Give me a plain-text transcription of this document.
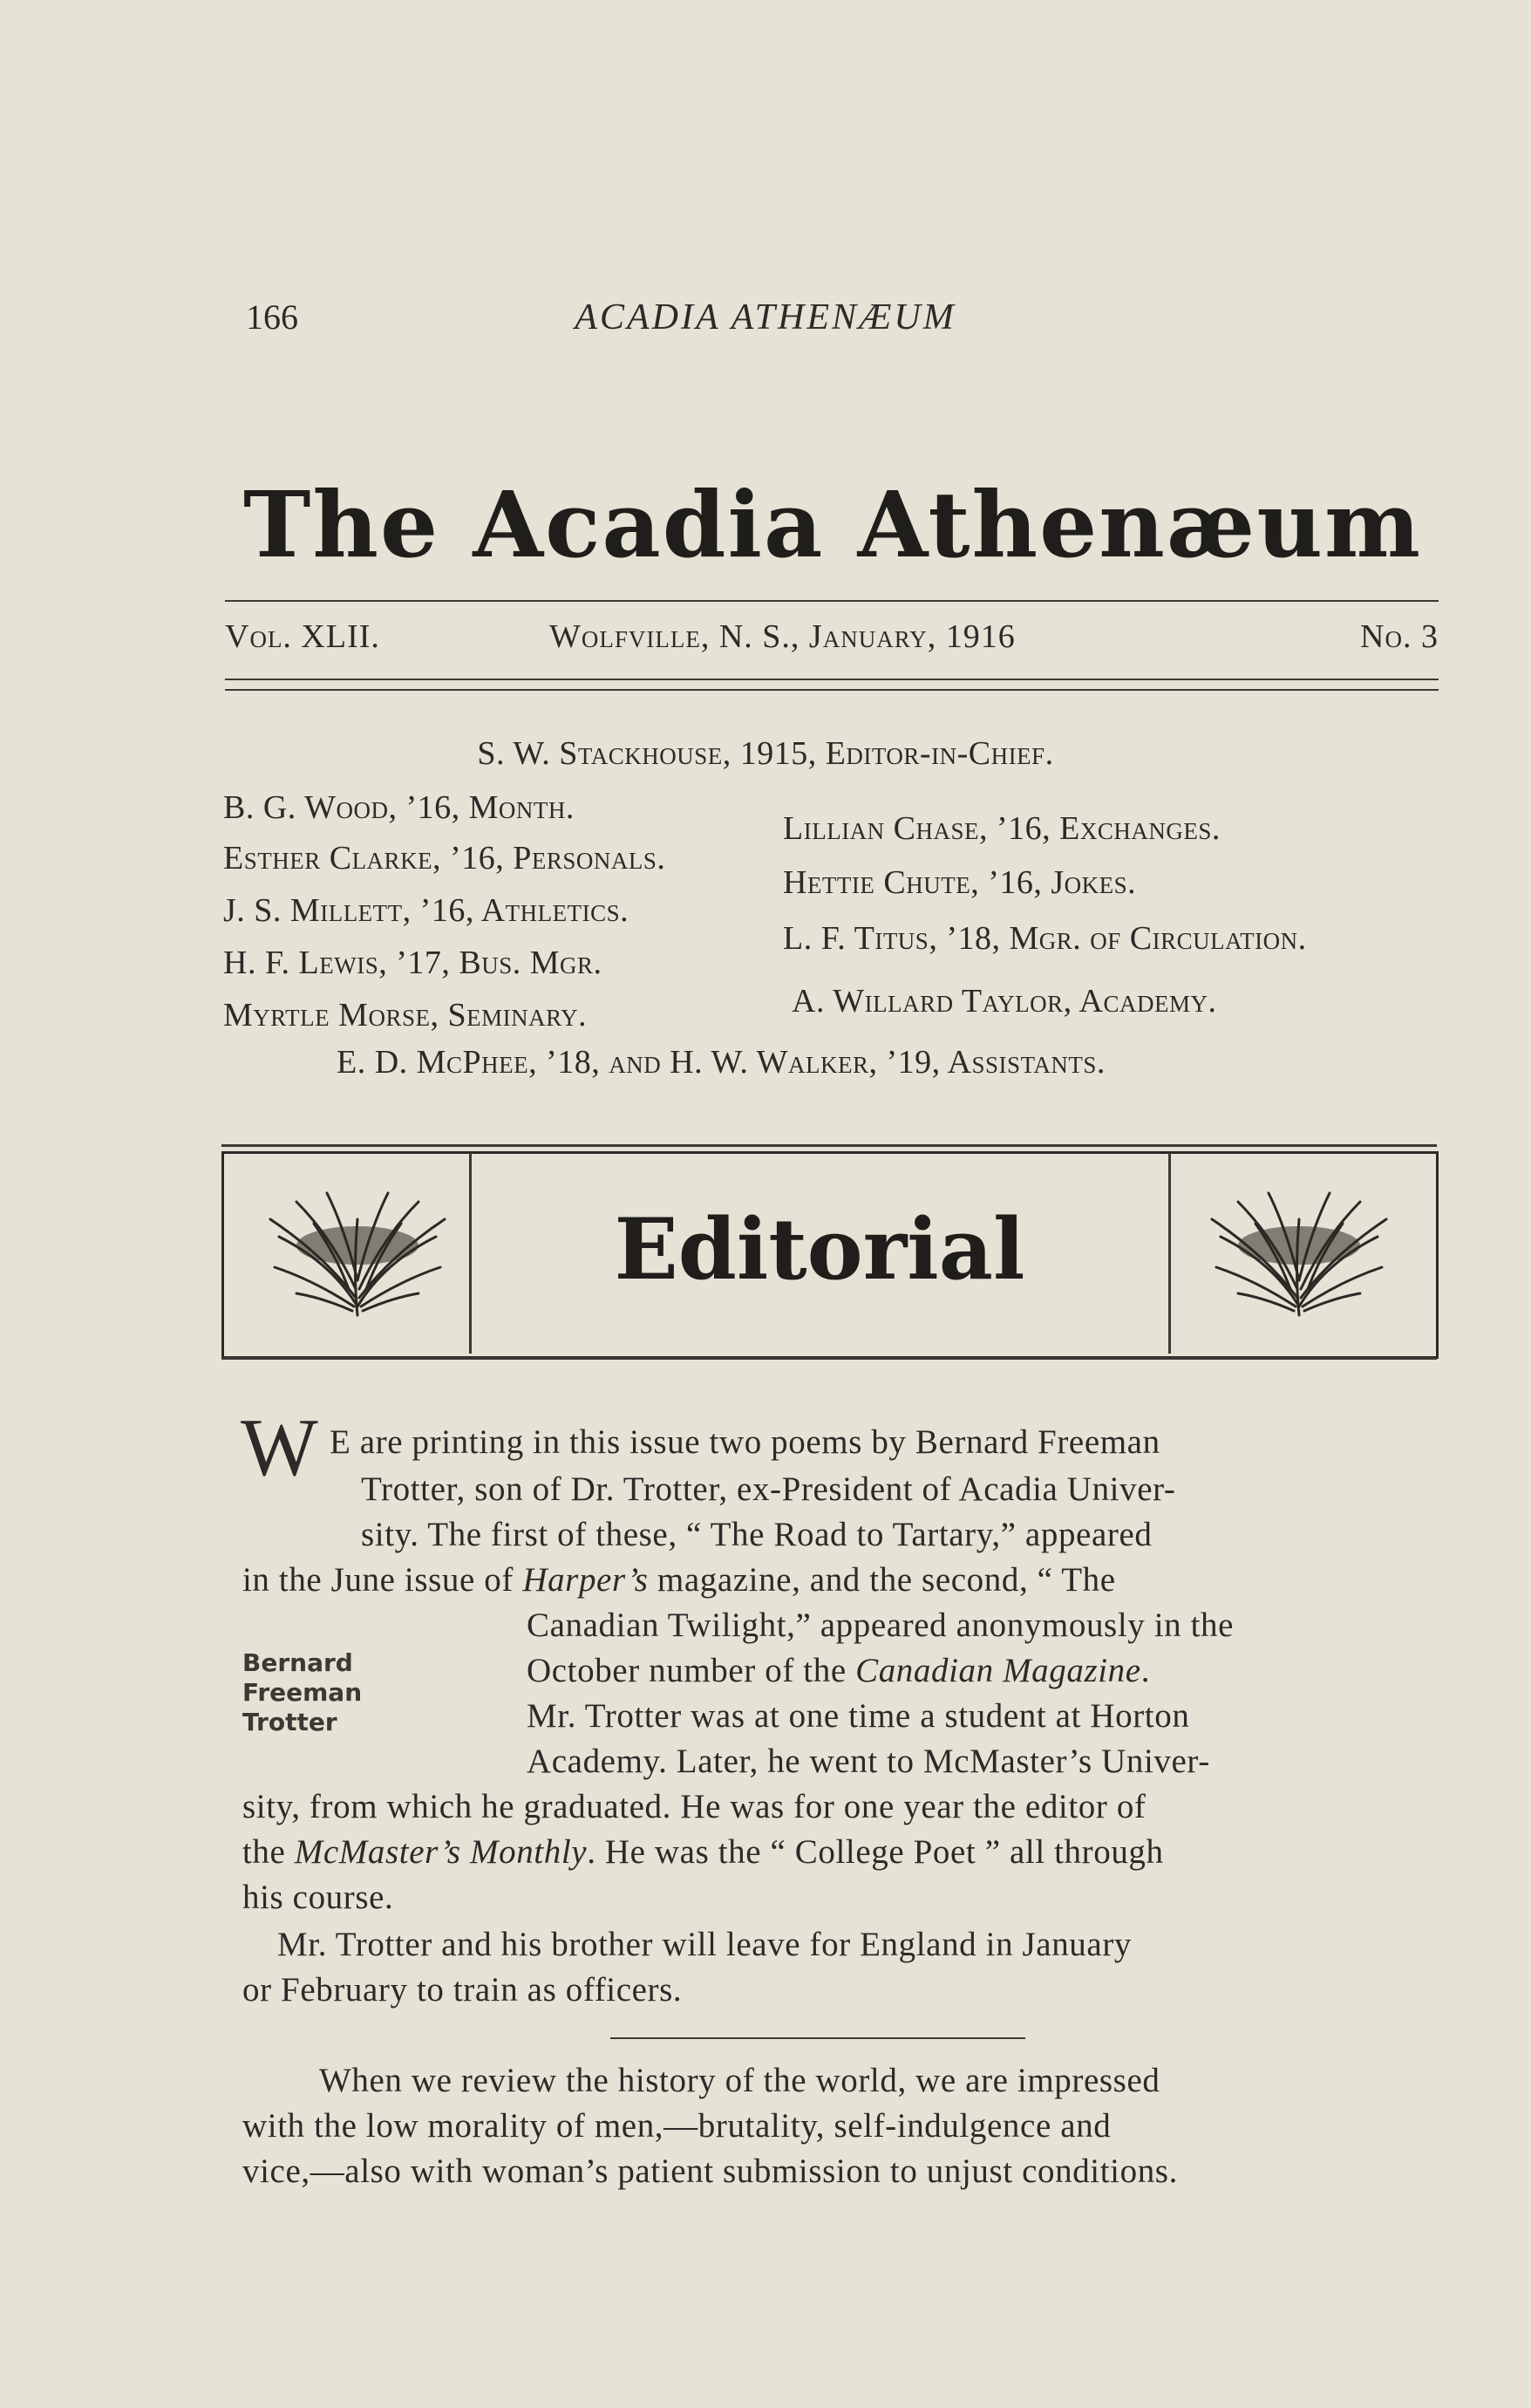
166	ACADIA ATHENÆUM
The Acadia Athenæum
Vol. XLII.	Wolfville, N. S., January, 1916	No. 3
S. W. Stackhouse, 1915, Editor-in-Chief.
B. G. Wood, ’16, Month.
Esther Clarke, ’16, Personals.
J. S. Millett, ’16, Athletics.
H. F. Lewis, ’17, Bus. Mgr.
Myrtle Morse, Seminary.
Lillian Chase, ’16, Exchanges.
Hettie Chute, ’16, Jokes.
L. F. Titus, ’18, Mgr. of Circulation.
A. Willard Taylor, Academy.
E. D. McPhee, ’18, and H. W. Walker, ’19, Assistants.
Editorial
W E are printing in this issue two poems by Bernard Freeman
Trotter, son of Dr. Trotter, ex-President of Acadia Univer-
sity. The first of these, “ The Road to Tartary,” appeared
in the June issue of Harper’s magazine, and the second, “ The
Canadian Twilight,” appeared anonymously in the
October number of the Canadian Magazine.
Mr. Trotter was at one time a student at Horton
Academy. Later, he went to McMaster’s Univer-
sity, from which he graduated. He was for one year the editor of
the McMaster’s Monthly. He was the “ College Poet ” all through
his course.
Mr. Trotter and his brother will leave for England in January
or February to train as officers.
Bernard
Freeman
Trotter
When we review the history of the world, we are impressed
with the low morality of men,—brutality, self-indulgence and
vice,—also with woman’s patient submission to unjust conditions.
